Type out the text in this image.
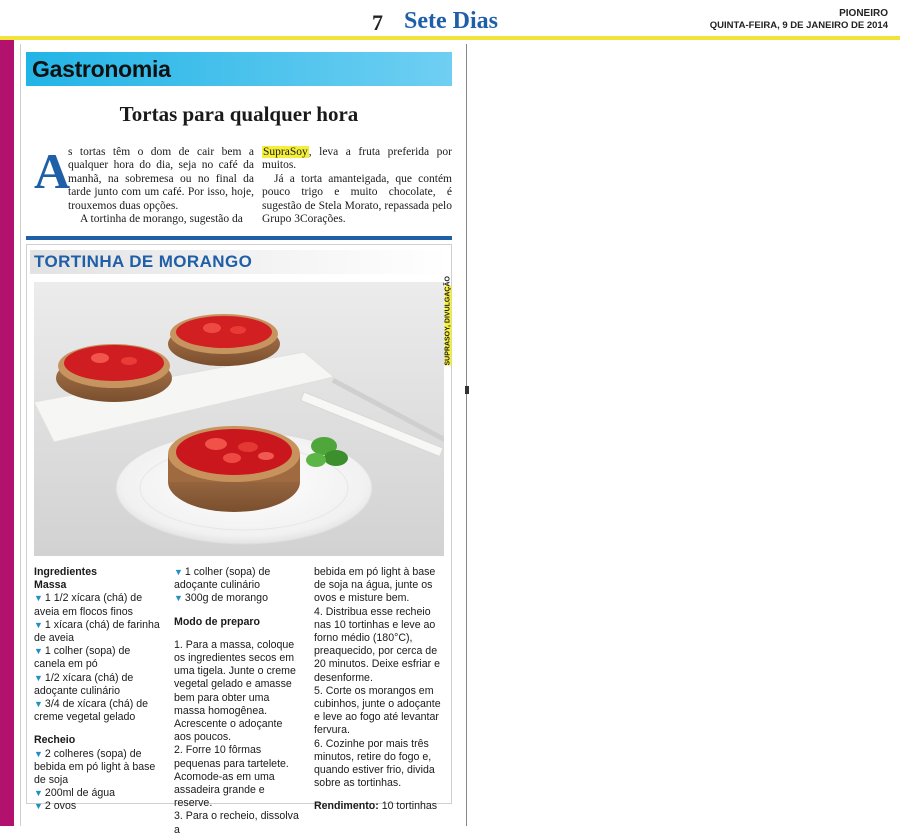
7 Sete Dias	PIONEIRO
QUINTA-FEIRA, 9 DE JANEIRO DE 2014
Gastronomia
Tortas para qualquer hora
A

s tortas têm o dom de cair bem a qualquer hora do dia, seja no café da manhã, na sobremesa ou no final da tarde junto com um café. Por isso, hoje, trouxemos duas opções.

A tortinha de morango, sugestão da

SupraSoy, leva a fruta preferida por muitos.

Já a torta amanteigada, que contém pouco trigo e muito chocolate, é sugestão de Stela Morato, repassada pelo Grupo 3Corações.

TORTINHA DE MORANGO
SUPRASOY, DIVULGAÇÃO

Ingredientes

Massa

▼ 1 1/2 xícara (chá) de aveia em flocos finos

▼ 1 xícara (chá) de farinha de aveia

▼ 1 colher (sopa) de canela em pó

▼ 1/2 xícara (chá) de adoçante culinário

▼ 3/4 de xícara (chá) de creme vegetal gelado

Recheio

▼ 2 colheres (sopa) de bebida em pó light à base de soja

▼ 200ml de água

▼ 2 ovos

▼ 1 colher (sopa) de adoçante culinário

▼ 300g de morango

Modo de preparo

1. Para a massa, coloque os ingredientes secos em uma tigela. Junte o creme vegetal gelado e amasse bem para obter uma massa homogênea. Acrescente o adoçante aos poucos.

2. Forre 10 fôrmas pequenas para tartelete. Acomode-as em uma assadeira grande e reserve.

3. Para o recheio, dissolva a

bebida em pó light à base de soja na água, junte os ovos e misture bem.

4. Distribua esse recheio nas 10 tortinhas e leve ao forno médio (180°C), preaquecido, por cerca de 20 minutos. Deixe esfriar e desenforme.

5. Corte os morangos em cubinhos, junte o adoçante e leve ao fogo até levantar fervura.

6. Cozinhe por mais três minutos, retire do fogo e, quando estiver frio, divida sobre as tortinhas.

Rendimento: 10 tortinhas
